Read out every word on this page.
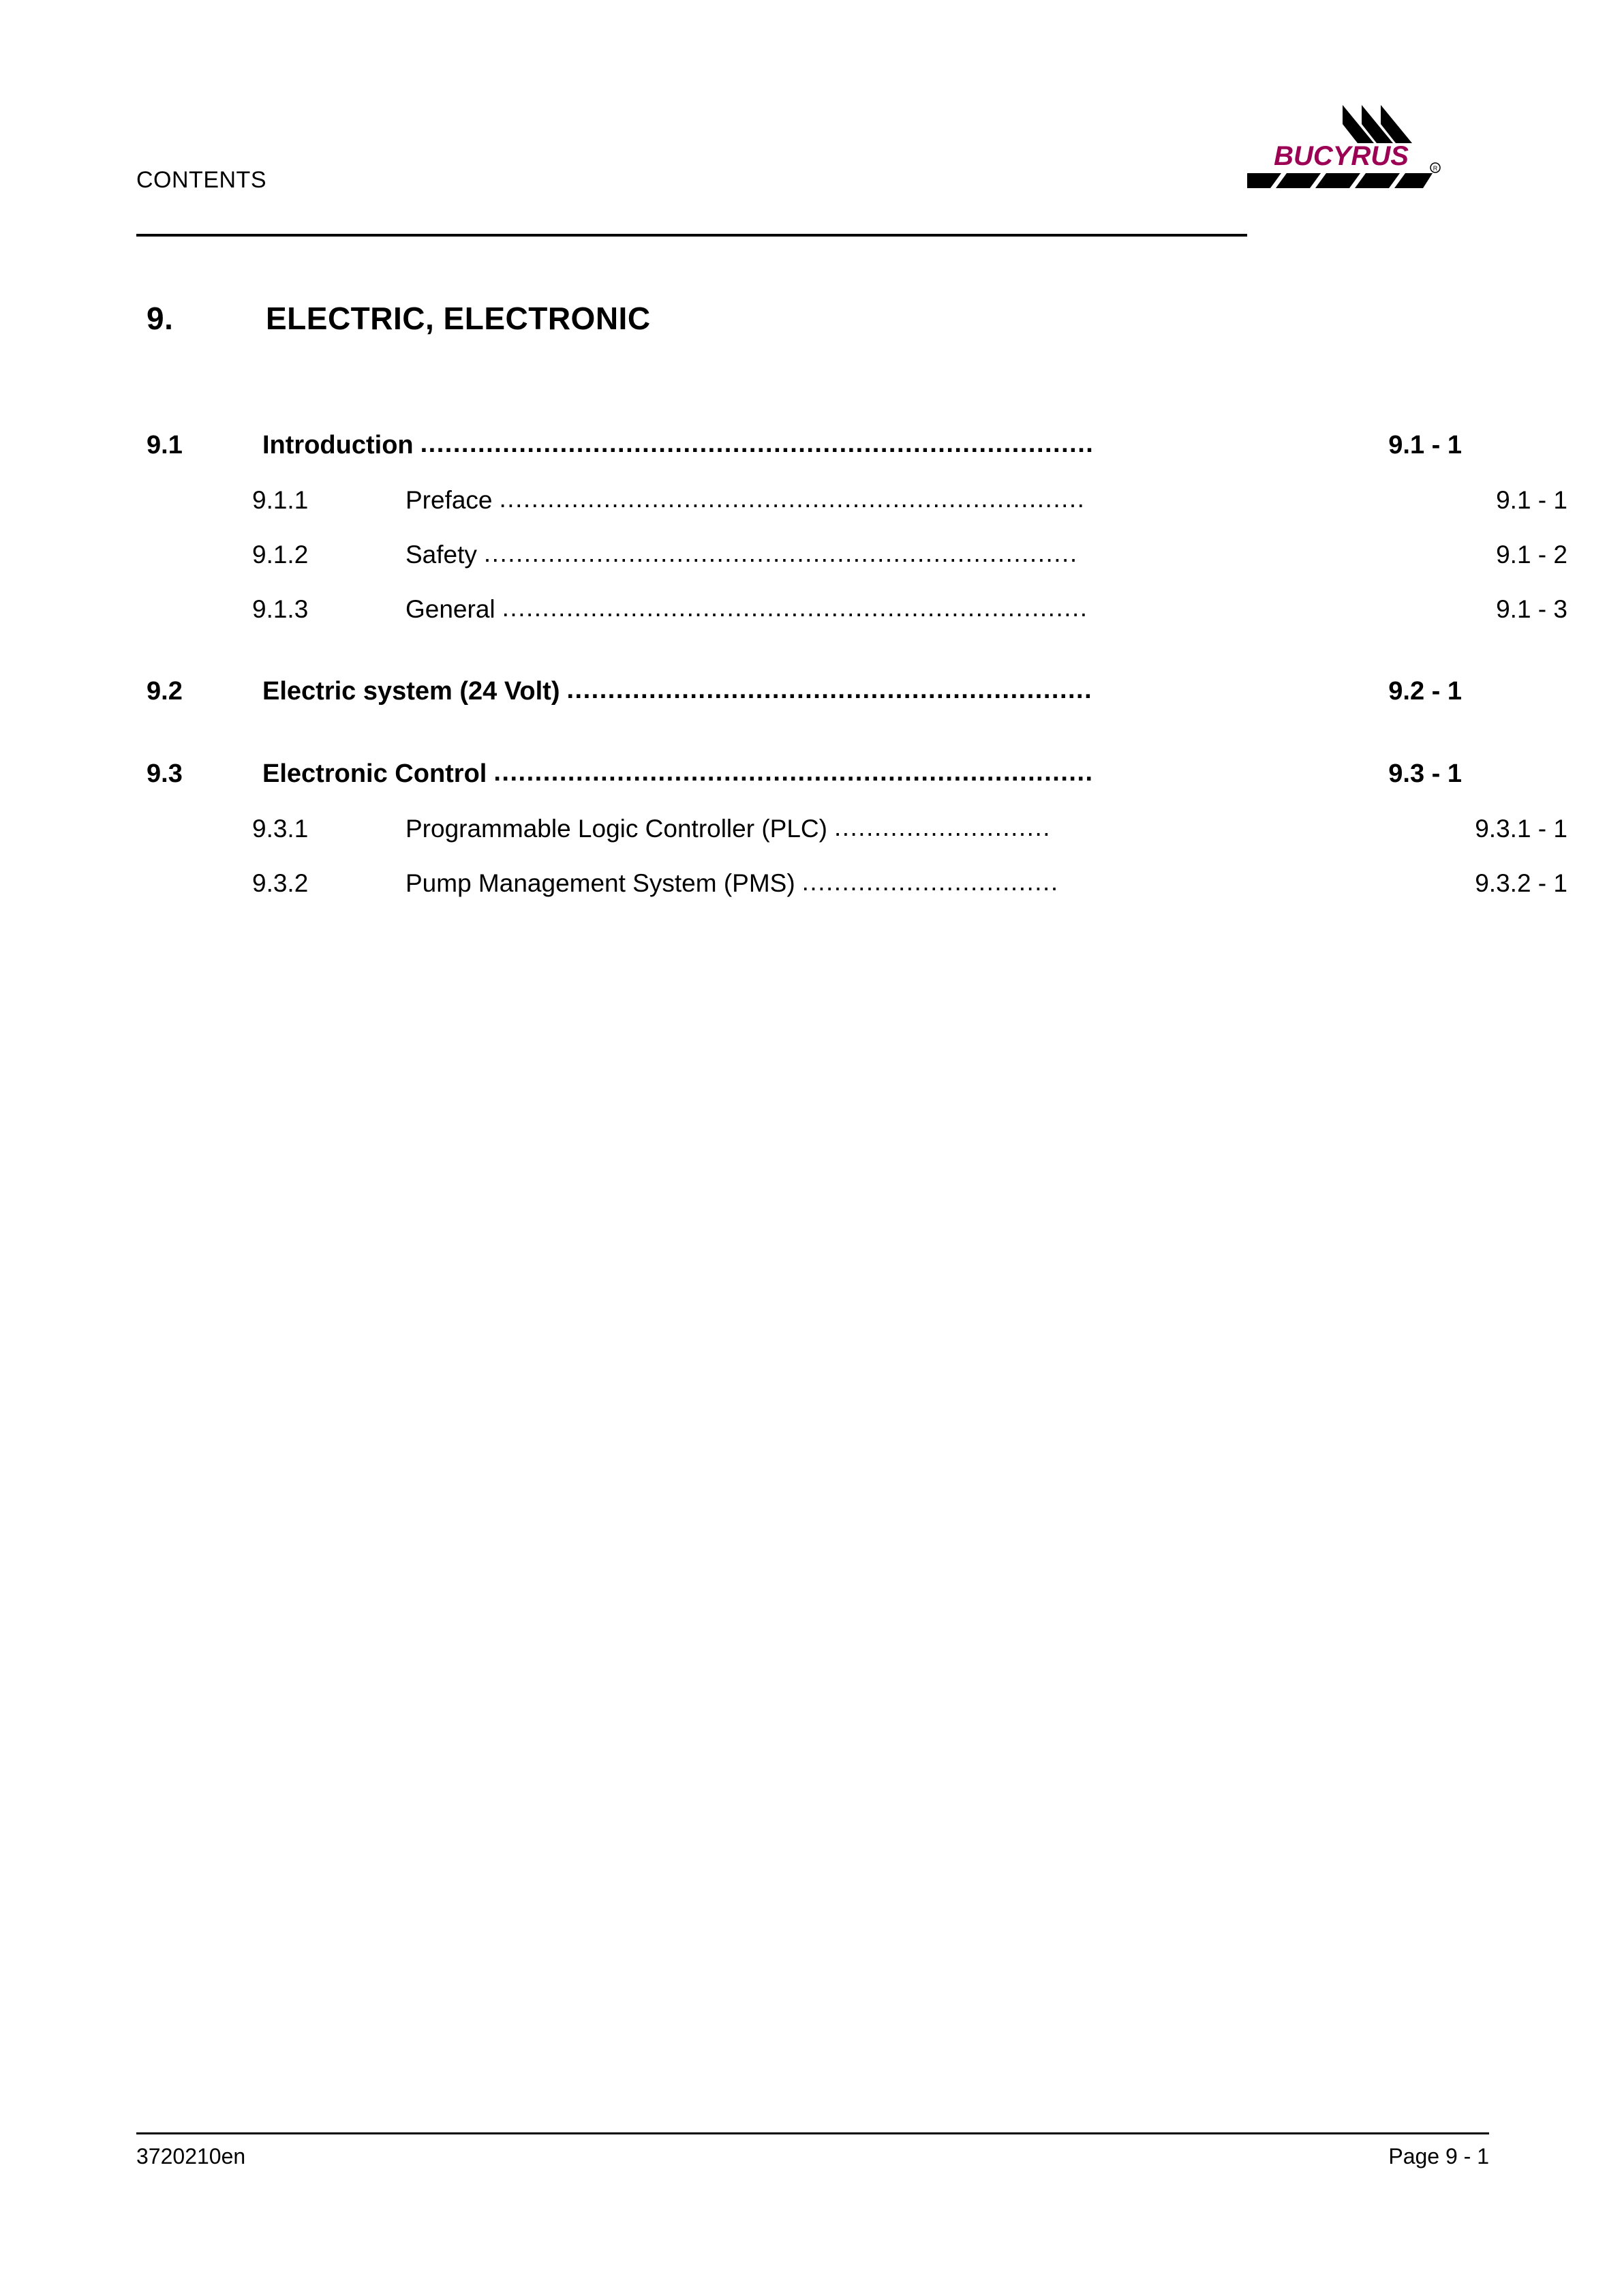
CONTENTS
BUCYRUS	R
9.	ELECTRIC, ELECTRONIC
9.1	Introduction ..................................................................................	9.1 - 1
9.1.1	Preface .........................................................................	9.1 - 1
9.1.2	Safety ..........................................................................	9.1 - 2
9.1.3	General .........................................................................	9.1 - 3
9.2	Electric system (24 Volt) ................................................................	9.2 - 1
9.3	Electronic Control .........................................................................	9.3 - 1
9.3.1	Programmable Logic Controller (PLC) ...........................	9.3.1 - 1
9.3.2	Pump Management System (PMS) ................................	9.3.2 - 1
3720210en	Page 9 - 1
